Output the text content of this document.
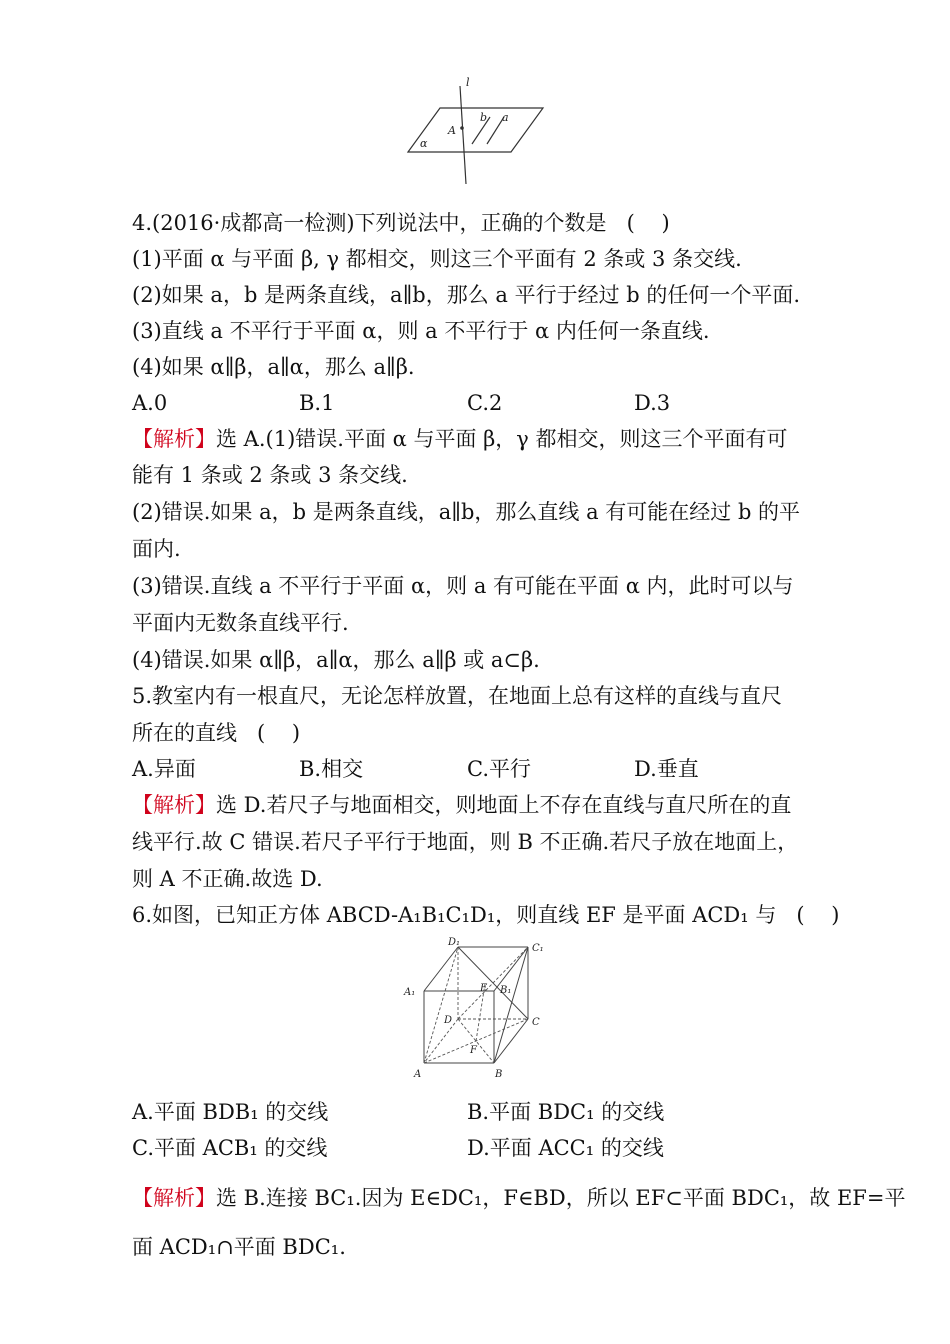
l
A
b a
α
4.(2016·成都高一检测)下列说法中，正确的个数是   (    )
(1)平面 α 与平面 β, γ 都相交，则这三个平面有 2 条或 3 条交线.
(2)如果 a，b 是两条直线，a∥b，那么 a 平行于经过 b 的任何一个平面.
(3)直线 a 不平行于平面 α，则 a 不平行于 α 内任何一条直线.
(4)如果 α∥β，a∥α，那么 a∥β.
A.0	B.1	C.2	D.3
【解析】选 A.(1)错误.平面 α 与平面 β，γ 都相交，则这三个平面有可
能有 1 条或 2 条或 3 条交线.
(2)错误.如果 a，b 是两条直线，a∥b，那么直线 a 有可能在经过 b 的平
面内.
(3)错误.直线 a 不平行于平面 α，则 a 有可能在平面 α 内，此时可以与
平面内无数条直线平行.
(4)错误.如果 α∥β，a∥α，那么 a∥β 或 a⊂β.
5.教室内有一根直尺，无论怎样放置，在地面上总有这样的直线与直尺
所在的直线   (    )
A.异面	B.相交	C.平行	D.垂直
【解析】选 D.若尺子与地面相交，则地面上不存在直线与直尺所在的直
线平行.故 C 错误.若尺子平行于地面，则 B 不正确.若尺子放在地面上，
则 A 不正确.故选 D.
6.如图，已知正方体 ABCD-A₁B₁C₁D₁，则直线 EF 是平面 ACD₁ 与   (    )
D₁
C₁
A₁	E B₁
D	C
F
A	B
A.平面 BDB₁ 的交线	B.平面 BDC₁ 的交线
C.平面 ACB₁ 的交线	D.平面 ACC₁ 的交线
【解析】选 B.连接 BC₁.因为 E∈DC₁，F∈BD，所以 EF⊂平面 BDC₁，故 EF=平
面 ACD₁∩平面 BDC₁.
